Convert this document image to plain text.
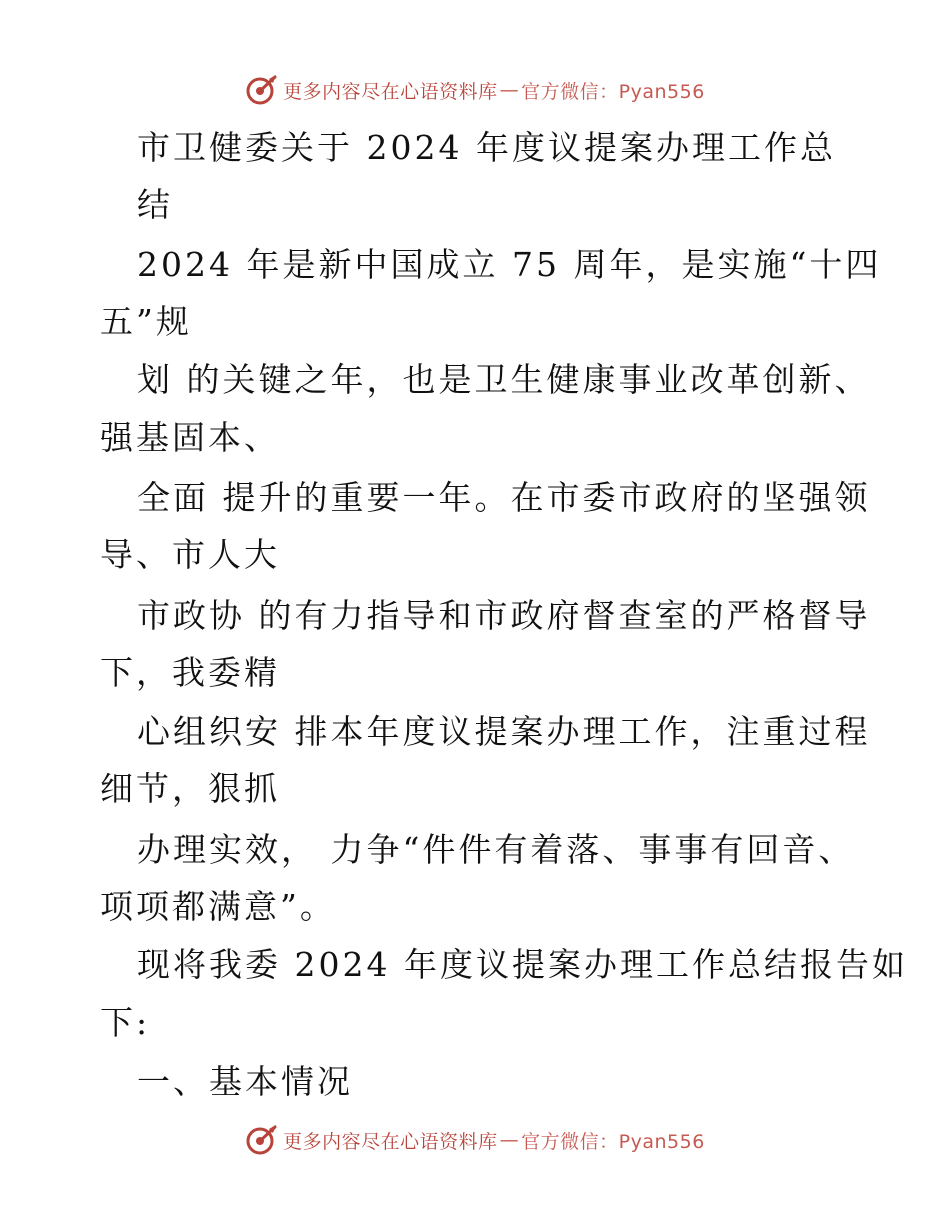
更多内容尽在心语资料库 — 官方微信：Pyan556
市卫健委关于 2024 年度议提案办理工作总
结
2024 年是新中国成立 75 周年，是实施“十四
五”规
划 的关键之年，也是卫生健康事业改革创新、
强基固本、
全面 提升的重要一年。在市委市政府的坚强领
导、市人大
市政协 的有力指导和市政府督查室的严格督导
下，我委精
心组织安 排本年度议提案办理工作，注重过程
细节，狠抓
办理实效， 力争“件件有着落、事事有回音、
项项都满意”。
现将我委 2024 年度议提案办理工作总结报告如
下:
一、基本情况
更多内容尽在心语资料库 — 官方微信：Pyan556
